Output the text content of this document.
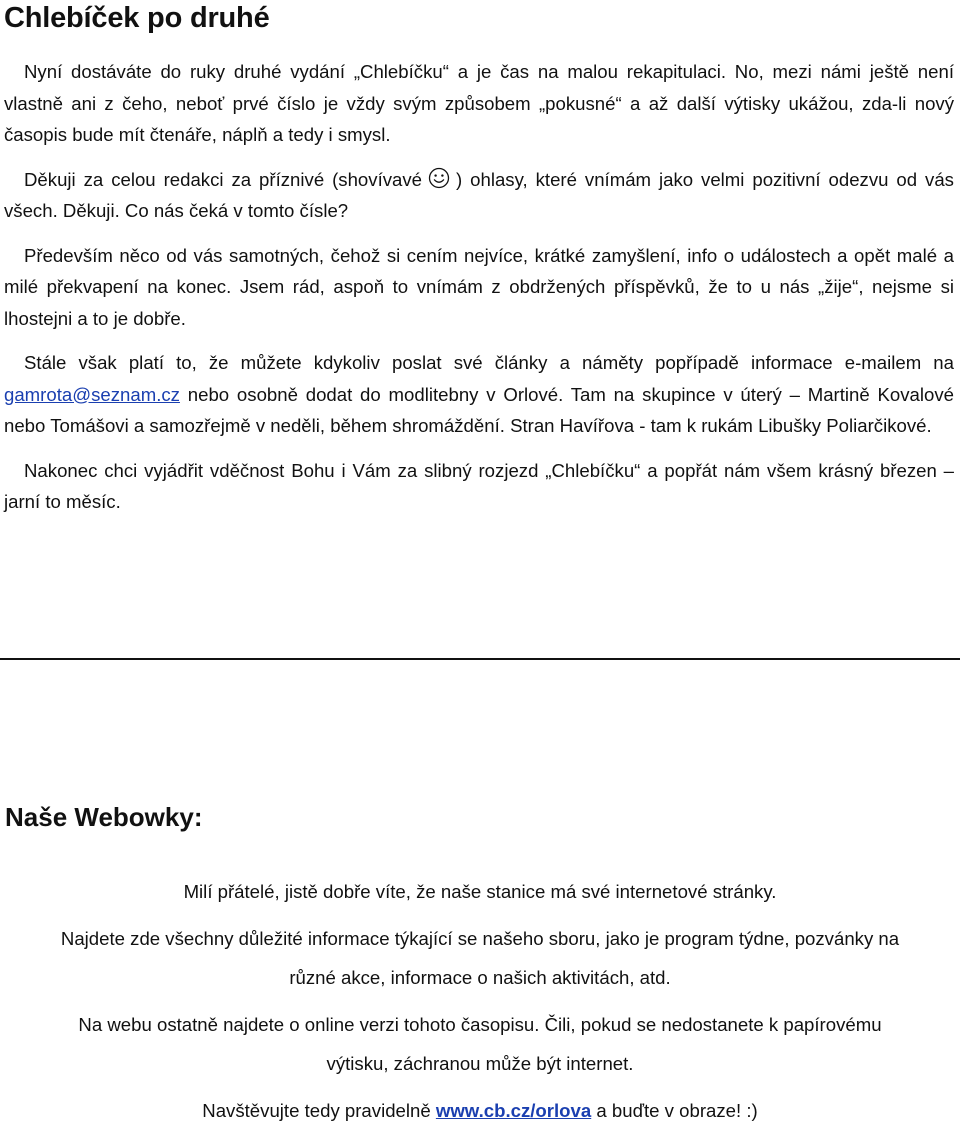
Chlebíček po druhé

Nyní dostáváte do ruky druhé vydání „Chlebíčku“ a je čas na malou rekapitulaci. No, mezi námi ještě není vlastně ani z čeho, neboť prvé číslo je vždy svým způsobem „pokusné“ a až další výtisky ukážou, zda-li nový časopis bude mít čtenáře, náplň a tedy i smysl.

Děkuji za celou redakci za příznivé (shovívavé ) ohlasy, které vnímám jako velmi pozitivní odezvu od vás všech. Děkuji. Co nás čeká v tomto čísle?

Především něco od vás samotných, čehož si cením nejvíce, krátké zamyšlení, info o událostech a opět malé a milé překvapení na konec. Jsem rád, aspoň to vnímám z obdržených příspěvků, že to u nás „žije“, nejsme si lhostejni a to je dobře.

Stále však platí to, že můžete kdykoliv poslat své články a náměty popřípadě informace e-mailem na gamrota@seznam.cz nebo osobně dodat do modlitebny v Orlové. Tam na skupince v úterý – Martině Kovalové nebo Tomášovi a samozřejmě v neděli, během shromáždění. Stran Havířova - tam k rukám Libušky Poliarčikové.

Nakonec chci vyjádřit vděčnost Bohu i Vám za slibný rozjezd „Chlebíčku“ a popřát nám všem krásný březen – jarní to měsíc.

Naše Webowky:

Milí přátelé, jistě dobře víte, že naše stanice má své internetové stránky.

Najdete zde všechny důležité informace týkající se našeho sboru, jako je program týdne, pozvánky na různé akce, informace o našich aktivitách, atd.

Na webu ostatně najdete o online verzi tohoto časopisu. Čili, pokud se nedostanete k papírovému výtisku, záchranou může být internet.

Navštěvujte tedy pravidelně www.cb.cz/orlova a buďte v obraze! :)
